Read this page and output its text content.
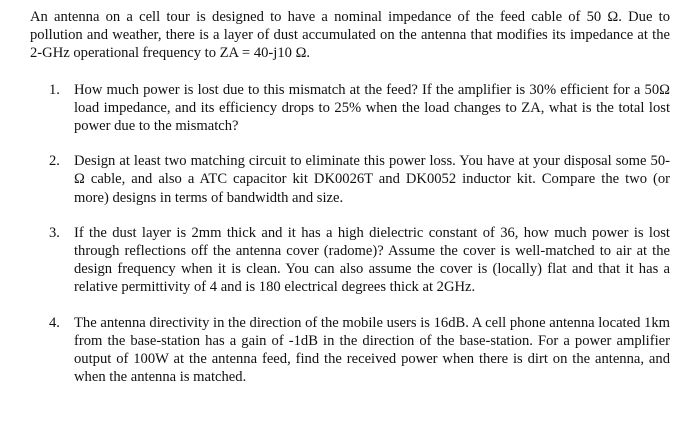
An antenna on a cell tour is designed to have a nominal impedance of the feed cable of 50 Ω. Due to pollution and weather, there is a layer of dust accumulated on the antenna that modifies its impedance at the 2-GHz operational frequency to ZA = 40-j10 Ω.

1. How much power is lost due to this mismatch at the feed? If the amplifier is 30% efficient for a 50Ω load impedance, and its efficiency drops to 25% when the load changes to ZA, what is the total lost power due to the mismatch?
2. Design at least two matching circuit to eliminate this power loss. You have at your disposal some 50-Ω cable, and also a ATC capacitor kit DK0026T and DK0052 inductor kit. Compare the two (or more) designs in terms of bandwidth and size.
3. If the dust layer is 2mm thick and it has a high dielectric constant of 36, how much power is lost through reflections off the antenna cover (radome)? Assume the cover is well-matched to air at the design frequency when it is clean. You can also assume the cover is (locally) flat and that it has a relative permittivity of 4 and is 180 electrical degrees thick at 2GHz.
4. The antenna directivity in the direction of the mobile users is 16dB. A cell phone antenna located 1km from the base-station has a gain of -1dB in the direction of the base-station. For a power amplifier output of 100W at the antenna feed, find the received power when there is dirt on the antenna, and when the antenna is matched.
